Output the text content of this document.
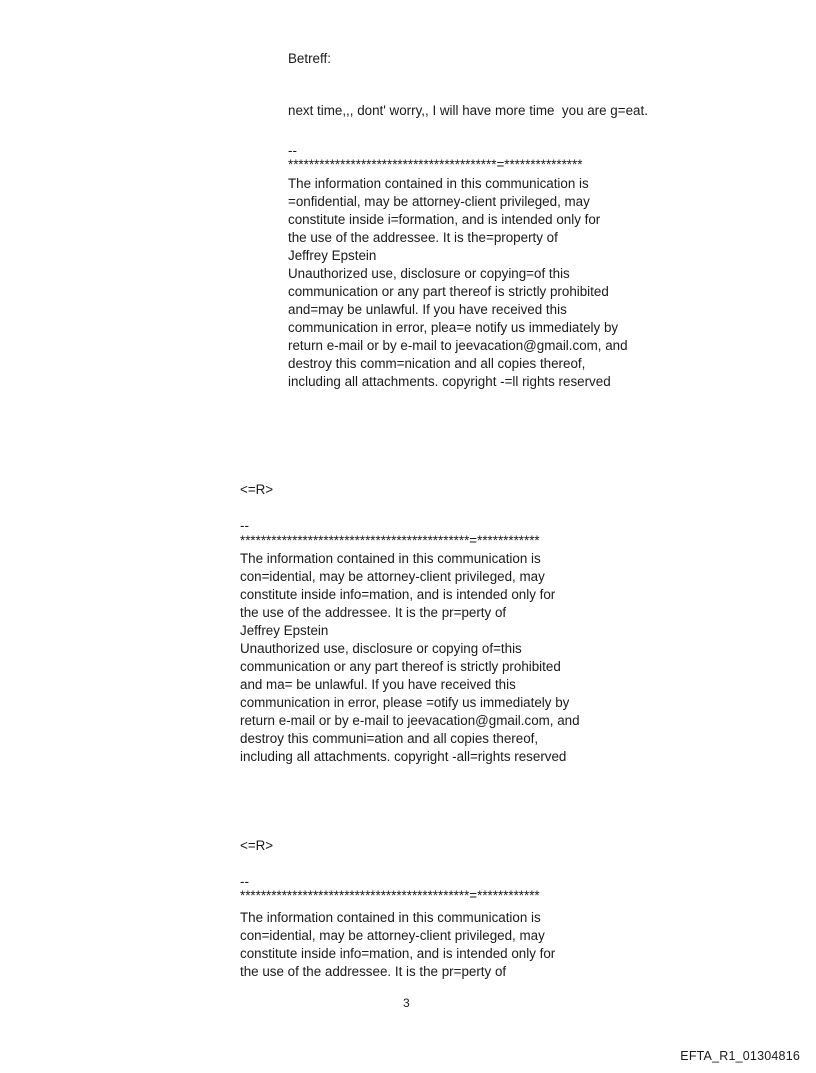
Betreff:
next time,,, dont' worry,, I will have more time  you are g=eat.
--
****************************************=***************
The information contained in this communication is
=onfidential, may be attorney-client privileged, may
constitute inside i=formation, and is intended only for
the use of the addressee. It is the=property of
Jeffrey Epstein
Unauthorized use, disclosure or copying=of this
communication or any part thereof is strictly prohibited
and=may be unlawful. If you have received this
communication in error, plea=e notify us immediately by
return e-mail or by e-mail to jeevacation@gmail.com, and
destroy this comm=nication and all copies thereof,
including all attachments. copyright -=ll rights reserved
<=R>
--
********************************************=************
The information contained in this communication is
con=idential, may be attorney-client privileged, may
constitute inside info=mation, and is intended only for
the use of the addressee. It is the pr=perty of
Jeffrey Epstein
Unauthorized use, disclosure or copying of=this
communication or any part thereof is strictly prohibited
and ma= be unlawful. If you have received this
communication in error, please =otify us immediately by
return e-mail or by e-mail to jeevacation@gmail.com, and
destroy this communi=ation and all copies thereof,
including all attachments. copyright -all=rights reserved
<=R>
--
********************************************=************
The information contained in this communication is
con=idential, may be attorney-client privileged, may
constitute inside info=mation, and is intended only for
the use of the addressee. It is the pr=perty of
3
EFTA_R1_01304816
